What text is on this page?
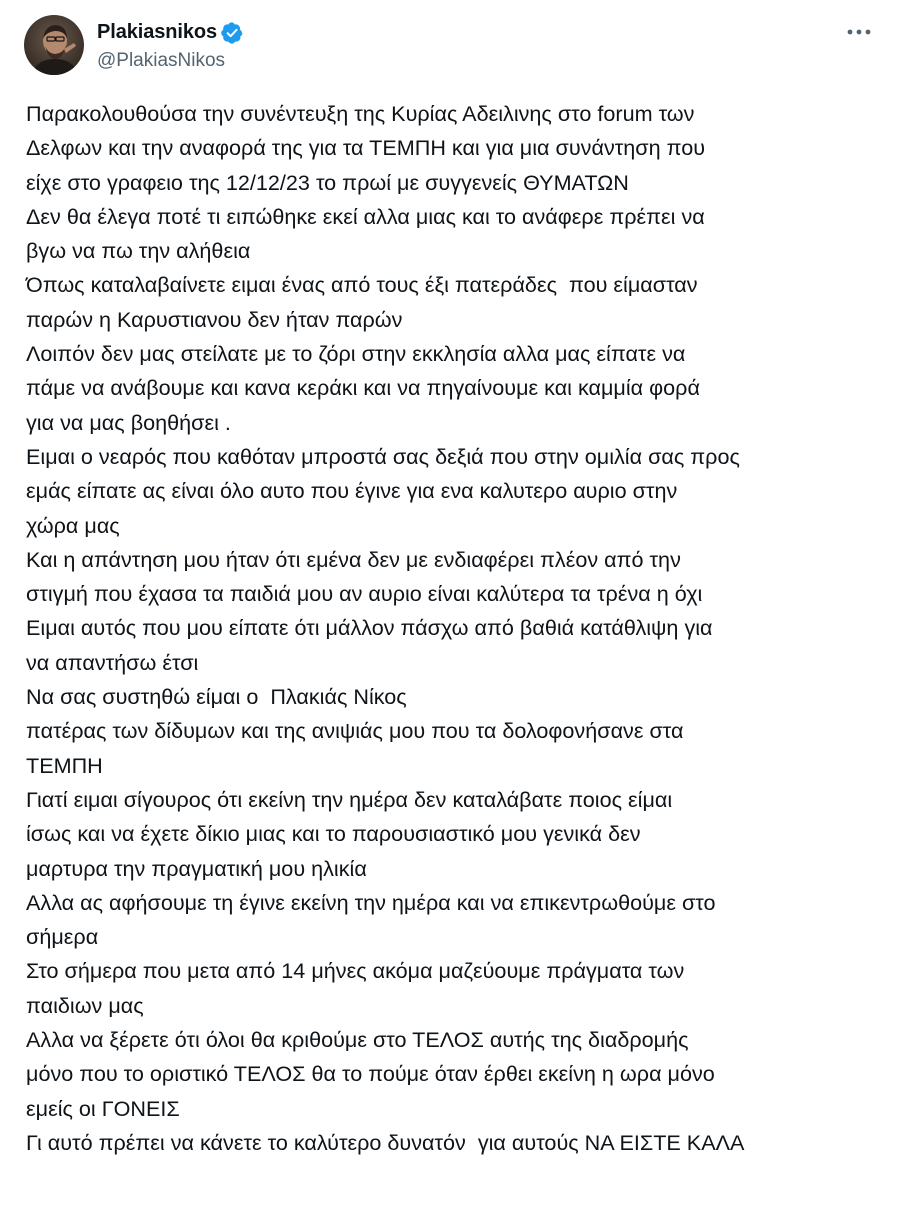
Plakiasnikos
@PlakiasNikos
Παρακολουθούσα την συνέντευξη της Κυρίας Αδειλινης στο forum των
Δελφων και την αναφορά της για τα ΤΕΜΠΗ και για μια συνάντηση που
είχε στο γραφειο της 12/12/23 το πρωί με συγγενείς ΘΥΜΑΤΩΝ
Δεν θα έλεγα ποτέ τι ειπώθηκε εκεί αλλα μιας και το ανάφερε πρέπει να
βγω να πω την αλήθεια
Όπως καταλαβαίνετε ειμαι ένας από τους έξι πατεράδες  που είμασταν
παρών η Καρυστιανου δεν ήταν παρών
Λοιπόν δεν μας στείλατε με το ζόρι στην εκκλησία αλλα μας είπατε να
πάμε να ανάβουμε και κανα κεράκι και να πηγαίνουμε και καμμία φορά
για να μας βοηθήσει .
Ειμαι ο νεαρός που καθόταν μπροστά σας δεξιά που στην ομιλία σας προς
εμάς είπατε ας είναι όλο αυτο που έγινε για ενα καλυτερο αυριο στην
χώρα μας
Και η απάντηση μου ήταν ότι εμένα δεν με ενδιαφέρει πλέον από την
στιγμή που έχασα τα παιδιά μου αν αυριο είναι καλύτερα τα τρένα η όχι
Ειμαι αυτός που μου είπατε ότι μάλλον πάσχω από βαθιά κατάθλιψη για
να απαντήσω έτσι
Να σας συστηθώ είμαι ο  Πλακιάς Νίκος
πατέρας των δίδυμων και της ανιψιάς μου που τα δολοφονήσανε στα
ΤΕΜΠΗ
Γιατί ειμαι σίγουρος ότι εκείνη την ημέρα δεν καταλάβατε ποιος είμαι
ίσως και να έχετε δίκιο μιας και το παρουσιαστικό μου γενικά δεν
μαρτυρα την πραγματική μου ηλικία
Αλλα ας αφήσουμε τη έγινε εκείνη την ημέρα και να επικεντρωθούμε στο
σήμερα
Στο σήμερα που μετα από 14 μήνες ακόμα μαζεύουμε πράγματα των
παιδιων μας
Αλλα να ξέρετε ότι όλοι θα κριθούμε στο ΤΕΛΟΣ αυτής της διαδρομής
μόνο που το οριστικό ΤΕΛΟΣ θα το πούμε όταν έρθει εκείνη η ωρα μόνο
εμείς οι ΓΟΝΕΙΣ
Γι αυτό πρέπει να κάνετε το καλύτερο δυνατόν  για αυτούς ΝΑ ΕΙΣΤΕ ΚΑΛΑ
